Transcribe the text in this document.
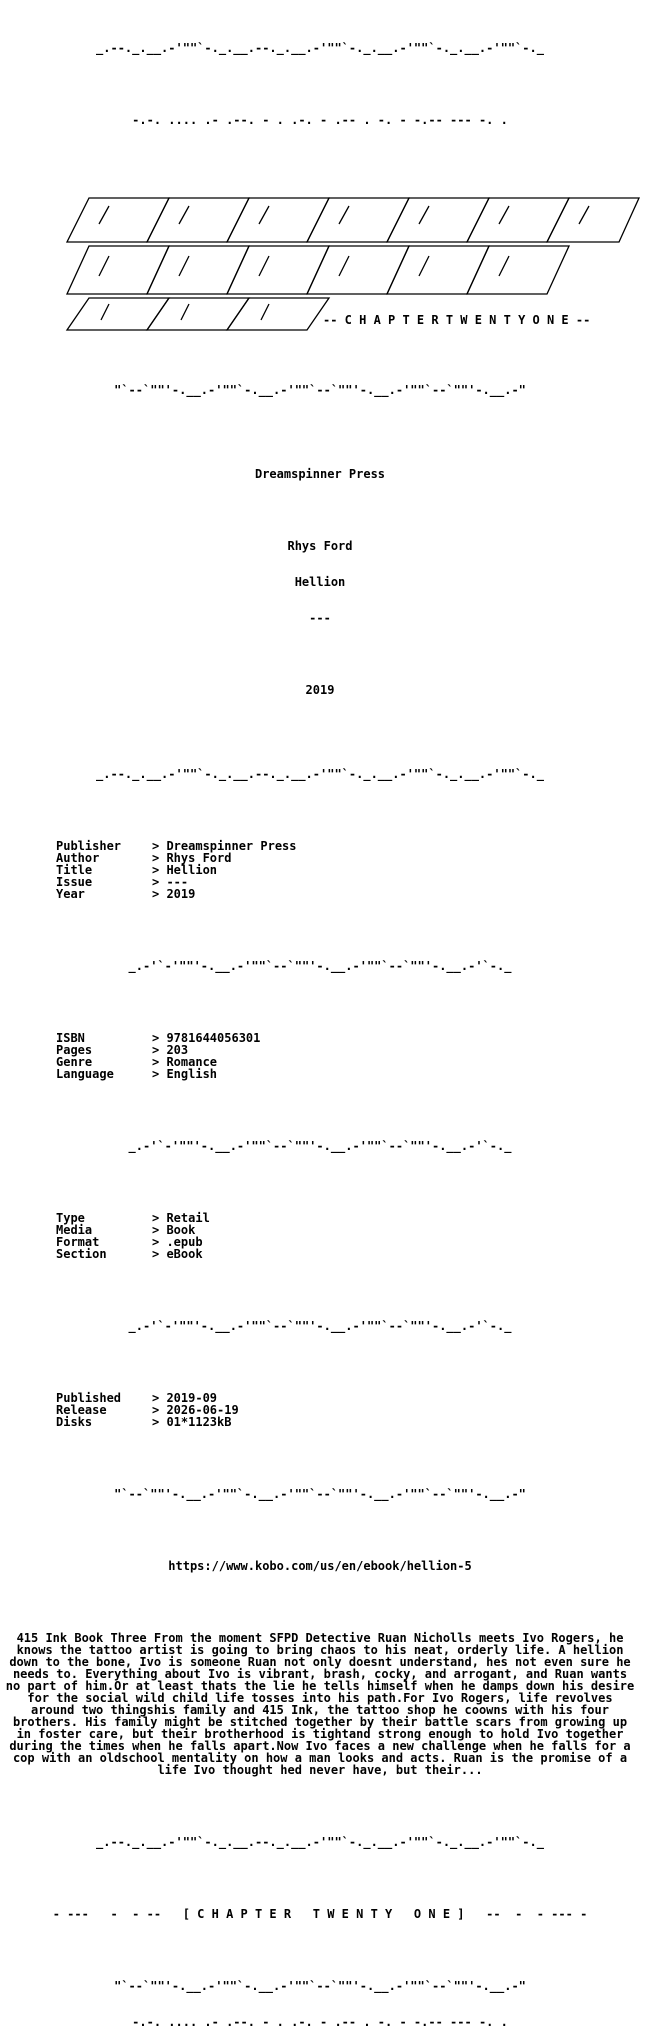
_.--._.__.-'""`-._.__.--._.__.-'""`-._.__.-'""`-._.__.-'""`-._

-.-. .... .- .--. - . .-. - .-- . -. - -.-- --- -. .

-- C H A P T E R T W E N T Y O N E --

"`--`""'-.__.-'""`-.__.-'""`--`""'-.__.-'""`--`""'-.__.-"

Dreamspinner Press

Rhys Ford

Hellion

---

2019

_.--._.__.-'""`-._.__.--._.__.-'""`-._.__.-'""`-._.__.-'""`-._

Publisher	> Dreamspinner Press
Author	> Rhys Ford
Title	> Hellion
Issue	> ---
Year	> 2019

_.-'`-'""'-.__.-'""`--`""'-.__.-'""`--`""'-.__.-'`-._

ISBN	> 9781644056301
Pages	> 203
Genre	> Romance
Language	> English

_.-'`-'""'-.__.-'""`--`""'-.__.-'""`--`""'-.__.-'`-._

Type	> Retail
Media	> Book
Format	> .epub
Section	> eBook

_.-'`-'""'-.__.-'""`--`""'-.__.-'""`--`""'-.__.-'`-._

Published	> 2019-09
Release	> 2026-06-19
Disks	> 01*1123kB

"`--`""'-.__.-'""`-.__.-'""`--`""'-.__.-'""`--`""'-.__.-"

https://www.kobo.com/us/en/ebook/hellion-5

415 Ink Book Three From the moment SFPD Detective Ruan Nicholls meets Ivo Rogers, he knows the tattoo artist is going to bring chaos to his neat, orderly life. A hellion down to the bone, Ivo is someone Ruan not only doesnt understand, hes not even sure he needs to. Everything about Ivo is vibrant, brash, cocky, and arrogant, and Ruan wants no part of him.Or at least thats the lie he tells himself when he damps down his desire for the social wild child life tosses into his path.For Ivo Rogers, life revolves around two thingshis family and 415 Ink, the tattoo shop he coowns with his four brothers. His family might be stitched together by their battle scars from growing up in foster care, but their brotherhood is tightand strong enough to hold Ivo together during the times when he falls apart.Now Ivo faces a new challenge when he falls for a cop with an oldschool mentality on how a man looks and acts. Ruan is the promise of a life Ivo thought hed never have, but their...

_.--._.__.-'""`-._.__.--._.__.-'""`-._.__.-'""`-._.__.-'""`-._

- ---   -  - --   [ C H A P T E R   T W E N T Y   O N E ]   --  -  - --- -

"`--`""'-.__.-'""`-.__.-'""`--`""'-.__.-'""`--`""'-.__.-"

-.-. .... .- .--. - . .-. - .-- . -. - -.-- --- -. .
